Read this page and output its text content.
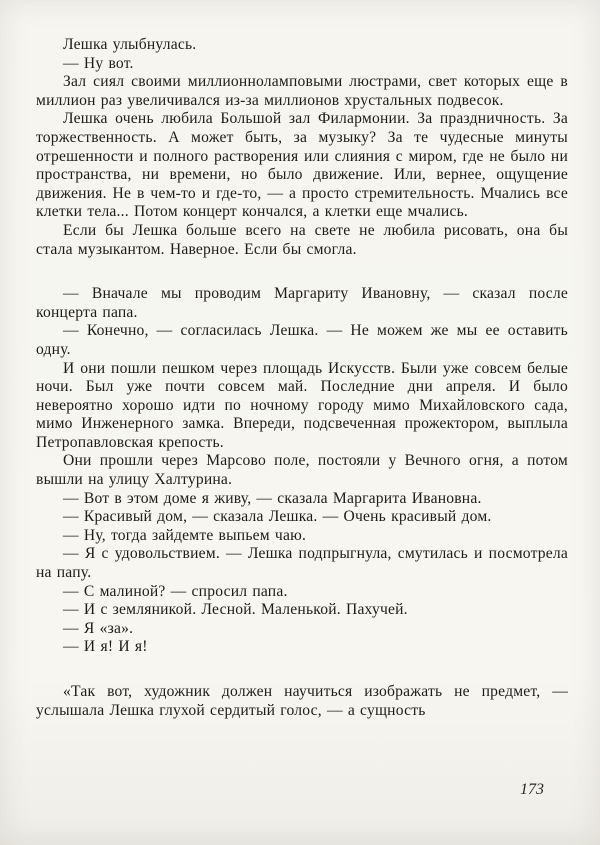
Лешка улыбнулась.

— Ну вот.

Зал сиял своими миллионноламповыми люстрами, свет которых еще в миллион раз увеличивался из-за миллионов хрустальных подвесок.

Лешка очень любила Большой зал Филармонии. За праздничность. За торжественность. А может быть, за музыку? За те чудесные минуты отрешенности и полного растворения или слияния с миром, где не было ни пространства, ни времени, но было движение. Или, вернее, ощущение движения. Не в чем-то и где-то, — а просто стремительность. Мчались все клетки тела... Потом концерт кончался, а клетки еще мчались.

Если бы Лешка больше всего на свете не любила рисовать, она бы стала музыкантом. Наверное. Если бы смогла.

— Вначале мы проводим Маргариту Ивановну, — сказал после концерта папа.

— Конечно, — согласилась Лешка. — Не можем же мы ее оставить одну.

И они пошли пешком через площадь Искусств. Были уже совсем белые ночи. Был уже почти совсем май. Последние дни апреля. И было невероятно хорошо идти по ночному городу мимо Михайловского сада, мимо Инженерного замка. Впереди, подсвеченная прожектором, выплыла Петропавловская крепость.

Они прошли через Марсово поле, постояли у Вечного огня, а потом вышли на улицу Халтурина.

— Вот в этом доме я живу, — сказала Маргарита Ивановна.

— Красивый дом, — сказала Лешка. — Очень красивый дом.

— Ну, тогда зайдемте выпьем чаю.

— Я с удовольствием. — Лешка подпрыгнула, смутилась и посмотрела на папу.

— С малиной? — спросил папа.

— И с земляникой. Лесной. Маленькой. Пахучей.

— Я «за».

— И я! И я!

«Так вот, художник должен научиться изображать не предмет, — услышала Лешка глухой сердитый голос, — а сущность

173
